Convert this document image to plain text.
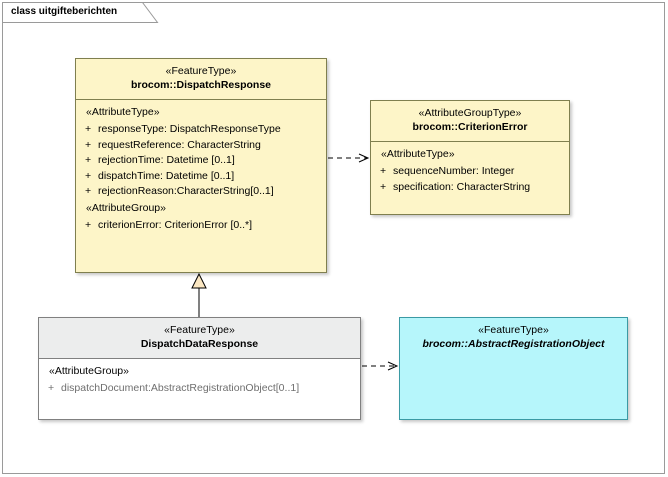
class uitgifteberichten
«FeatureType»
brocom::DispatchResponse
«AttributeType»
+ responseType: DispatchResponseType
+ requestReference: CharacterString
+ rejectionTime: Datetime [0..1]
+ dispatchTime: Datetime [0..1]
+ rejectionReason:CharacterString[0..1]
«AttributeGroup»
+ criterionError: CriterionError [0..*]
«AttributeGroupType»
brocom::CriterionError
«AttributeType»
+ sequenceNumber: Integer
+ specification: CharacterString
«FeatureType»
DispatchDataResponse
«AttributeGroup»
+ dispatchDocument:AbstractRegistrationObject[0..1]
«FeatureType»
brocom::AbstractRegistrationObject
